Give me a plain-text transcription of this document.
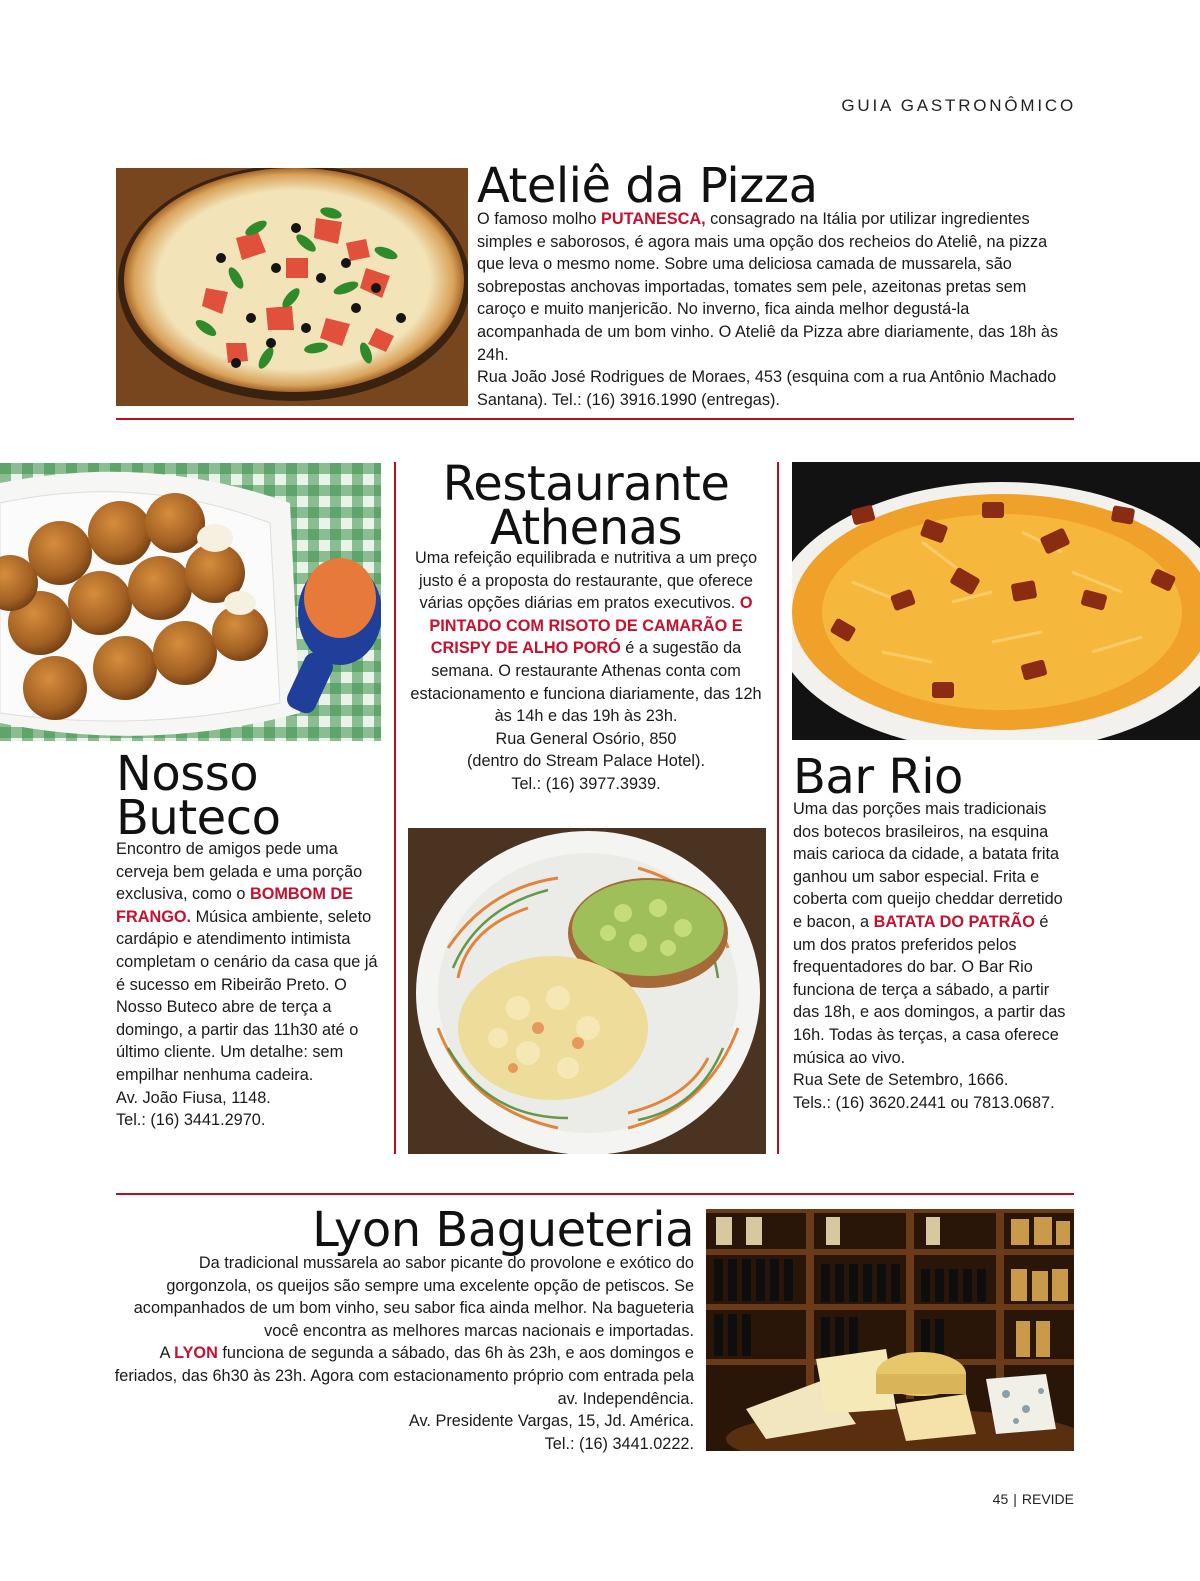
GUIA GASTRONÔMICO
Ateliê da Pizza
O famoso molho PUTANESCA, consagrado na Itália por utilizar ingredientes simples e saborosos, é agora mais uma opção dos recheios do Ateliê, na pizza que leva o mesmo nome. Sobre uma deliciosa camada de mussarela, são sobrepostas anchovas importadas, tomates sem pele, azeitonas pretas sem caroço e muito manjericão. No inverno, fica ainda melhor degustá-la acompanhada de um bom vinho. O Ateliê da Pizza abre diariamente, das 18h às 24h.
Rua João José Rodrigues de Moraes, 453 (esquina com a rua Antônio Machado Santana). Tel.: (16) 3916.1990 (entregas).
Nosso
Buteco
Encontro de amigos pede uma cerveja bem gelada e uma porção exclusiva, como o BOMBOM DE FRANGO. Música ambiente, seleto cardápio e atendimento intimista completam o cenário da casa que já é sucesso em Ribeirão Preto. O Nosso Buteco abre de terça a domingo, a partir das 11h30 até o último cliente. Um detalhe: sem empilhar nenhuma cadeira.
Av. João Fiusa, 1148.
Tel.: (16) 3441.2970.
Restaurante
Athenas
Uma refeição equilibrada e nutritiva a um preço justo é a proposta do restaurante, que oferece várias opções diárias em pratos executivos. O PINTADO COM RISOTO DE CAMARÃO E CRISPY DE ALHO PORÓ é a sugestão da semana. O restaurante Athenas conta com estacionamento e funciona diariamente, das 12h às 14h e das 19h às 23h.
Rua General Osório, 850
(dentro do Stream Palace Hotel).
Tel.: (16) 3977.3939.	Bar Rio
Uma das porções mais tradicionais dos botecos brasileiros, na esquina mais carioca da cidade, a batata frita ganhou um sabor especial. Frita e coberta com queijo cheddar derretido e bacon, a BATATA DO PATRÃO é um dos pratos preferidos pelos frequentadores do bar. O Bar Rio funciona de terça a sábado, a partir das 18h, e aos domingos, a partir das 16h. Todas às terças, a casa oferece música ao vivo.
Rua Sete de Setembro, 1666.
Tels.: (16) 3620.2441 ou 7813.0687.
Lyon Bagueteria
Da tradicional mussarela ao sabor picante do provolone e exótico do gorgonzola, os queijos são sempre uma excelente opção de petiscos. Se acompanhados de um bom vinho, seu sabor fica ainda melhor. Na bagueteria você encontra as melhores marcas nacionais e importadas.
A LYON funciona de segunda a sábado, das 6h às 23h, e aos domingos e feriados, das 6h30 às 23h. Agora com estacionamento próprio com entrada pela av. Independência.
Av. Presidente Vargas, 15, Jd. América.
Tel.: (16) 3441.0222.
45 | REVIDE
